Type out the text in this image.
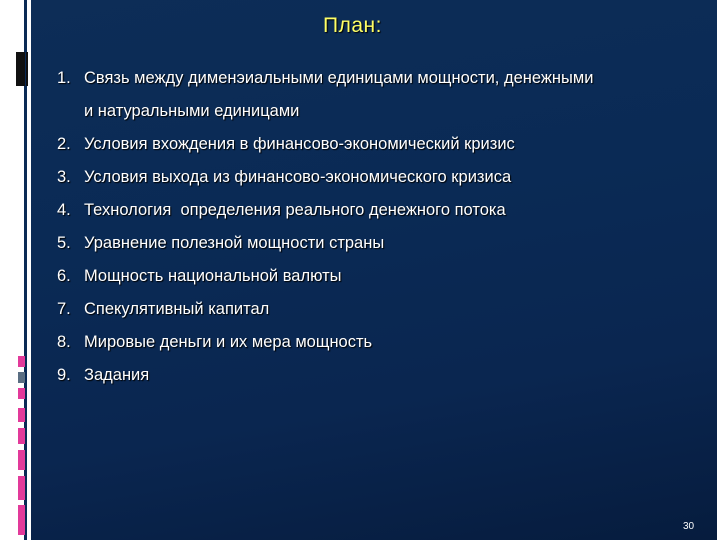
План:
1. Связь между дименэиальными единицами мощности, денежными
и натуральными единицами
2. Условия вхождения в финансово-экономический кризис
3. Условия выхода из финансово-экономического кризиса
4. Технология  определения реального денежного потока
5. Уравнение полезной мощности страны
6. Мощность национальной валюты
7. Спекулятивный капитал
8. Мировые деньги и их мера мощность
9. Задания
30
